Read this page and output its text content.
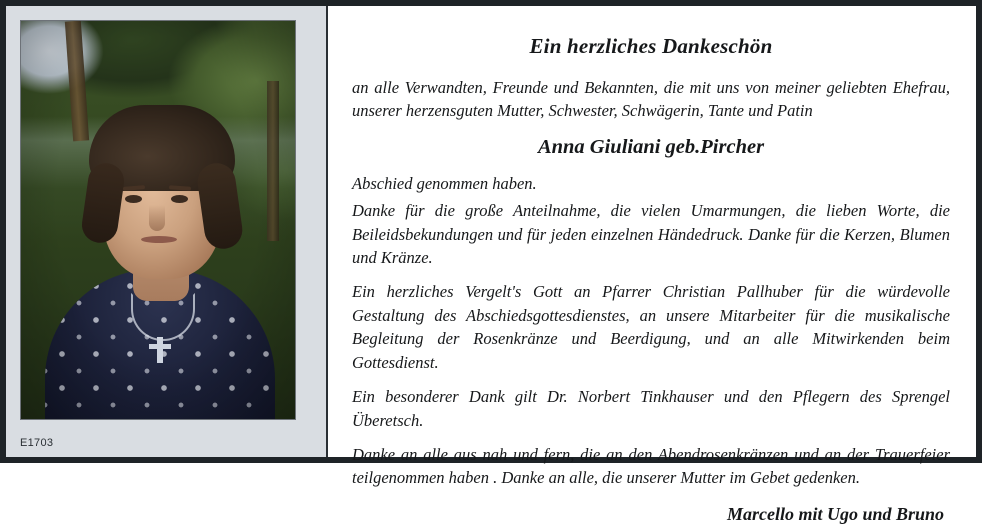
E1703
Ein herzliches Dankeschön

an alle Verwandten, Freunde und Bekannten, die mit uns von meiner geliebten Ehefrau, unserer herzensguten Mutter, Schwester, Schwägerin, Tante und Patin

Anna Giuliani geb.Pircher

Abschied genommen haben.

Danke für die große Anteilnahme, die vielen Umarmungen, die lieben Worte, die Beileidsbekundungen und für jeden einzelnen Händedruck. Danke für die Kerzen, Blumen und Kränze.

Ein herzliches Vergelt's Gott an Pfarrer Christian Pallhuber für die würdevolle Gestaltung des Abschiedsgottesdienstes, an unsere Mitarbeiter für die musikalische Begleitung der Rosenkränze und Beerdigung, und an alle Mitwirkenden beim Gottesdienst.

Ein besonderer Dank gilt Dr. Norbert Tinkhauser und den Pflegern des Sprengel Überetsch.

Danke an alle aus nah und fern, die an den Abendrosenkränzen und an der Trauerfeier teilgenommen haben . Danke an alle, die unserer Mutter im Gebet gedenken.

Marcello mit Ugo und Bruno
